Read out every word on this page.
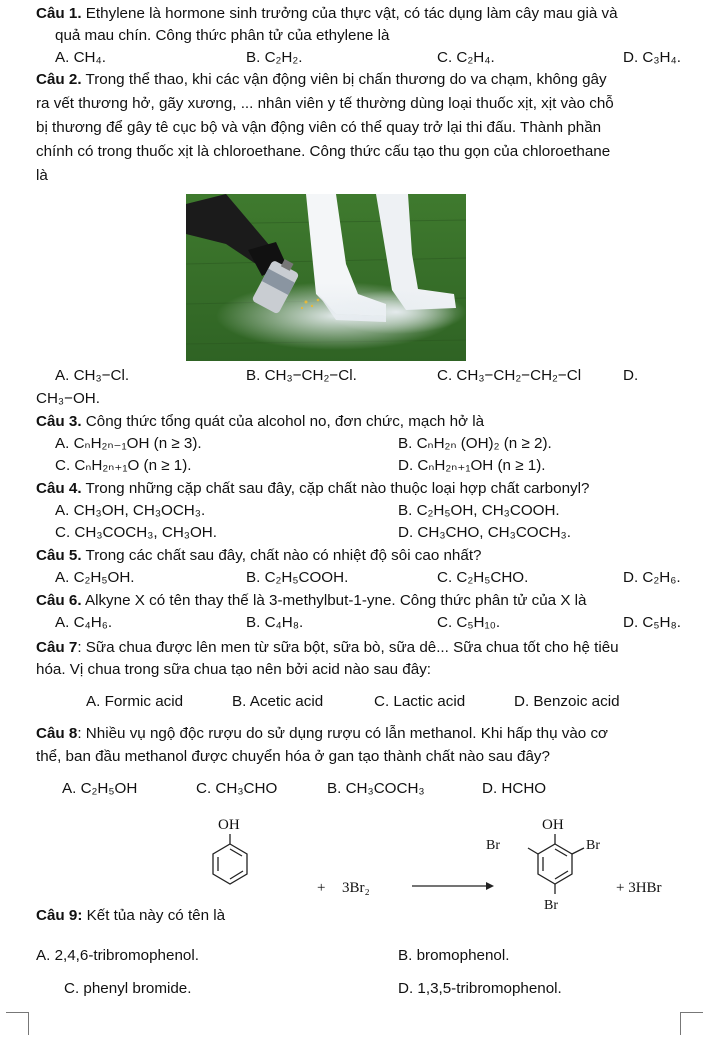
Câu 1. Ethylene là hormone sinh trưởng của thực vật, có tác dụng làm cây mau già và
quả mau chín. Công thức phân tử của ethylene là
A. CH₄.	B. C₂H₂.	C. C₂H₄.	D. C₃H₄.
Câu 2. Trong thể thao, khi các vận động viên bị chấn thương do va chạm, không gây
ra vết thương hở, gãy xương, ... nhân viên y tế thường dùng loại thuốc xịt, xịt vào chỗ
bị thương để gây tê cục bộ và vận động viên có thể quay trở lại thi đấu. Thành phần
chính có trong thuốc xịt là chloroethane. Công thức cấu tạo thu gọn của chloroethane
là
A. CH₃−Cl.	B. CH₃−CH₂−Cl.	C. CH₃−CH₂−CH₂−Cl	D.
CH₃−OH.
Câu 3. Công thức tổng quát của alcohol no, đơn chức, mạch hở là
A. CₙH₂ₙ₋₁OH (n ≥ 3).	B. CₙH₂ₙ (OH)₂ (n ≥ 2).
C. CₙH₂ₙ₊₁O (n ≥ 1).	D. CₙH₂ₙ₊₁OH (n ≥ 1).
Câu 4. Trong những cặp chất sau đây, cặp chất nào thuộc loại hợp chất carbonyl?
A. CH₃OH, CH₃OCH₃.	B. C₂H₅OH, CH₃COOH.
C. CH₃COCH₃, CH₃OH.	D. CH₃CHO, CH₃COCH₃.
Câu 5. Trong các chất sau đây, chất nào có nhiệt độ sôi cao nhất?
A. C₂H₅OH.	B. C₂H₅COOH.	C. C₂H₅CHO.	D. C₂H₆.
Câu 6. Alkyne X có tên thay thế là 3-methylbut-1-yne. Công thức phân tử của X là
A. C₄H₆.	B. C₄H₈.	C. C₅H₁₀.	D. C₅H₈.
Câu 7: Sữa chua được lên men từ sữa bột, sữa bò, sữa dê... Sữa chua tốt cho hệ tiêu
hóa. Vị chua trong sữa chua tạo nên bởi acid nào sau đây:
A. Formic acid	B. Acetic acid	C. Lactic acid	D. Benzoic acid
Câu 8: Nhiều vụ ngộ độc rượu do sử dụng rượu có lẫn methanol. Khi hấp thụ vào cơ
thể, ban đầu methanol được chuyển hóa ở gan tạo thành chất nào sau đây?
A. C₂H₅OH	C. CH₃CHO	B. CH₃COCH₃	D. HCHO
OH
+ 3Br₂
OH
Br	Br
Br
+ 3HBr
Câu 9: Kết tủa này có tên là
A. 2,4,6-tribromophenol.	B. bromophenol.
C. phenyl bromide.	D. 1,3,5-tribromophenol.
